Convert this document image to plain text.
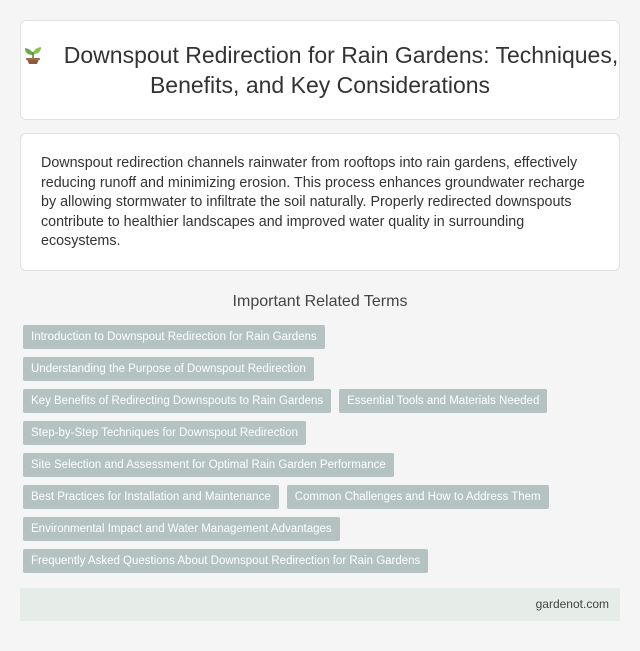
Downspout Redirection for Rain Gardens: Techniques, Benefits, and Key Considerations

Downspout redirection channels rainwater from rooftops into rain gardens, effectively reducing runoff and minimizing erosion. This process enhances groundwater recharge by allowing stormwater to infiltrate the soil naturally. Properly redirected downspouts contribute to healthier landscapes and improved water quality in surrounding ecosystems.

Important Related Terms
Introduction to Downspout Redirection for Rain Gardens
Understanding the Purpose of Downspout Redirection
Key Benefits of Redirecting Downspouts to Rain Gardens	Essential Tools and Materials Needed
Step-by-Step Techniques for Downspout Redirection
Site Selection and Assessment for Optimal Rain Garden Performance
Best Practices for Installation and Maintenance	Common Challenges and How to Address Them
Environmental Impact and Water Management Advantages
Frequently Asked Questions About Downspout Redirection for Rain Gardens
gardenot.com
